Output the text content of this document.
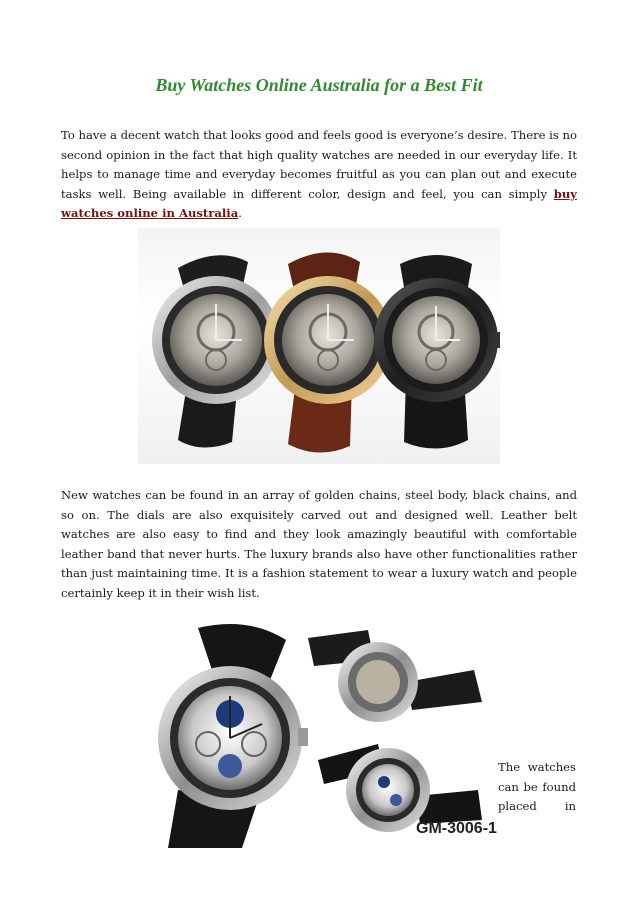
Buy Watches Online Australia for a Best Fit

To have a decent watch that looks good and feels good is everyone’s desire. There is no second opinion in the fact that high quality watches are needed in our everyday life. It helps to manage time and everyday becomes fruitful as you can plan out and execute tasks well. Being available in different color, design and feel, you can simply buy watches online in Australia.

New watches can be found in an array of golden chains, steel body, black chains, and so on. The dials are also exquisitely carved out and designed well. Leather belt watches are also easy to find and they look amazingly beautiful with comfortable leather band that never hurts. The luxury brands also have other functionalities rather than just maintaining time. It is a fashion statement to wear a luxury watch and people certainly keep it in their wish list.

GM-3006-1

The watches can be found placed in
